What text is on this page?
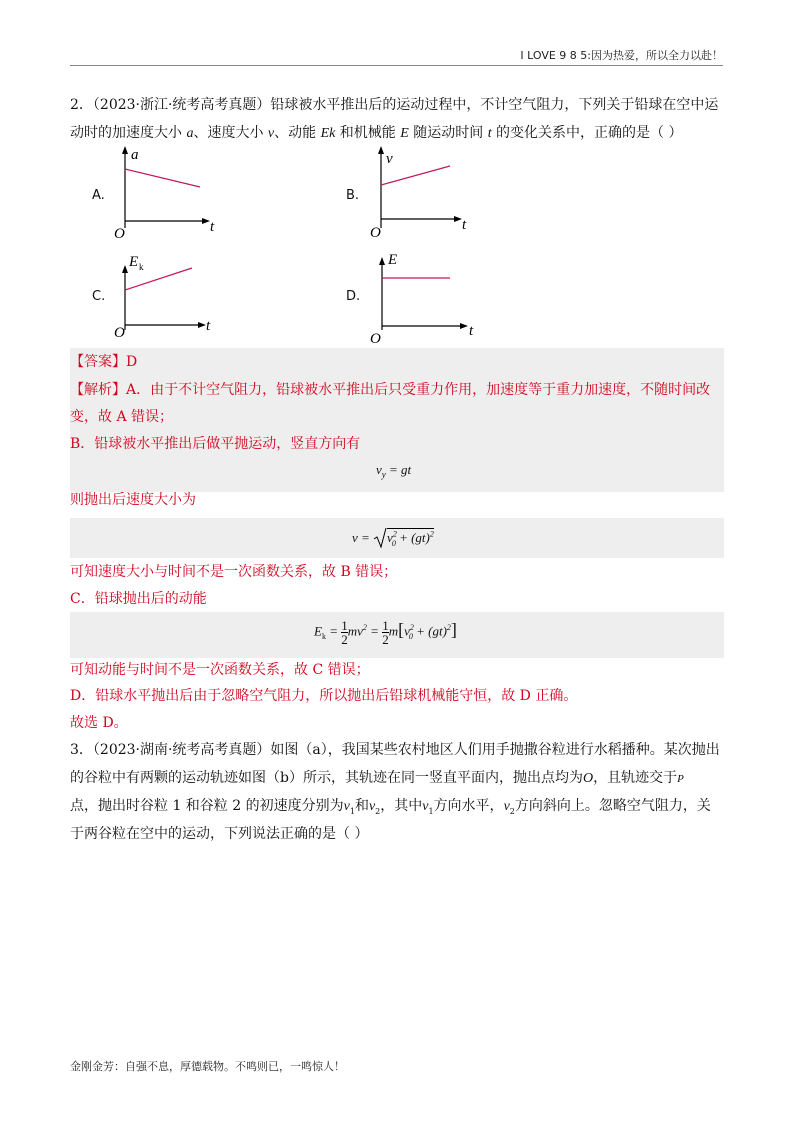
I LOVE 9 8 5:因为热爱，所以全力以赴！
2．（2023·浙江·统考高考真题）铅球被水平推出后的运动过程中，不计空气阻力，下列关于铅球在空中运
动时的加速度大小 a、速度大小 v、动能 Ek 和机械能 E 随运动时间 t 的变化关系中，正确的是（ ）
A.
a
t
O
B.
v
t
O
C.
E k
t
O
D.
E
t
O
【答案】D
【解析】A．由于不计空气阻力，铅球被水平推出后只受重力作用，加速度等于重力加速度，不随时间改
变，故 A 错误；
B．铅球被水平推出后做平抛运动，竖直方向有
$v_y$ = gt
则抛出后速度大小为
$v = v^2_0 + (gt)^2$
可知速度大小与时间不是一次函数关系，故 B 错误；
C．铅球抛出后的动能
$E_k = \frac{1}{2} mv^2 = \frac{1}{2} m[v^2_0 + (gt)^2]$
可知动能与时间不是一次函数关系，故 C 错误；
D．铅球水平抛出后由于忽略空气阻力，所以抛出后铅球机械能守恒，故 D 正确。
故选 D。
3．（2023·湖南·统考高考真题）如图（a），我国某些农村地区人们用手抛撒谷粒进行水稻播种。某次抛出
的谷粒中有两颗的运动轨迹如图（b）所示，其轨迹在同一竖直平面内，抛出点均为O，且轨迹交于P
点，抛出时谷粒 1 和谷粒 2 的初速度分别为$v_1$和$v_2$，其中$v_1$方向水平，$v_2$方向斜向上。忽略空气阻力，关
于两谷粒在空中的运动，下列说法正确的是（ ）
金刚金芳：自强不息，厚德载物。不鸣则已，一鸣惊人！
